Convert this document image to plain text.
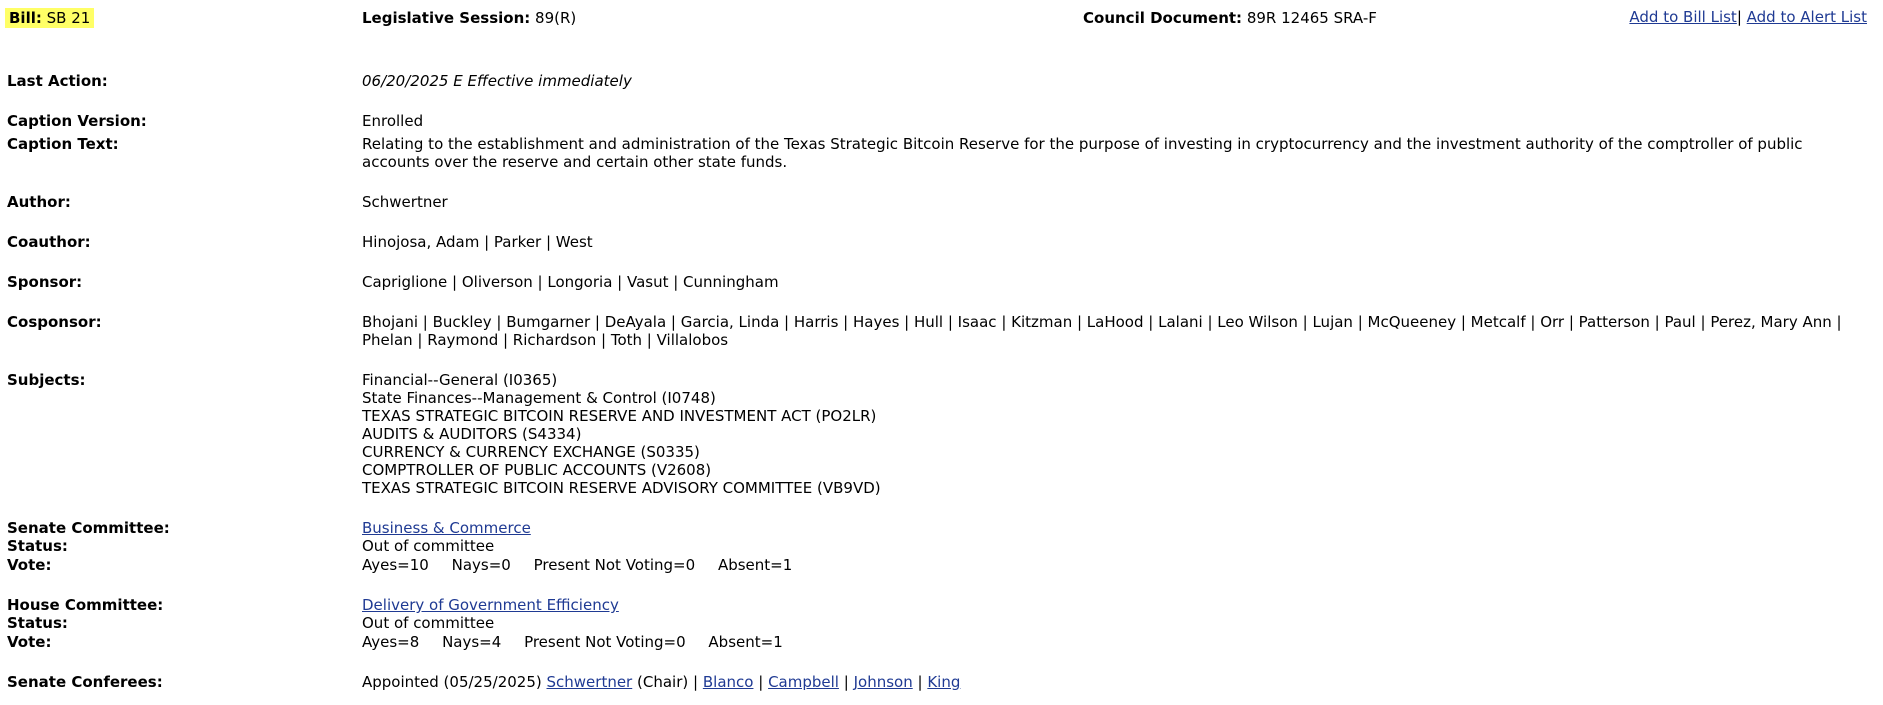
Bill: SB 21	Legislative Session: 89(R)	Council Document: 89R 12465 SRA-F	Add to Bill List| Add to Alert List
Last Action:	06/20/2025 E Effective immediately
Caption Version:	Enrolled
Caption Text:	Relating to the establishment and administration of the Texas Strategic Bitcoin Reserve for the purpose of investing in cryptocurrency and the investment authority of the comptroller of public accounts over the reserve and certain other state funds.
Author:	Schwertner
Coauthor:	Hinojosa, Adam | Parker | West
Sponsor:	Capriglione | Oliverson | Longoria | Vasut | Cunningham
Cosponsor:	Bhojani | Buckley | Bumgarner | DeAyala | Garcia, Linda | Harris | Hayes | Hull | Isaac | Kitzman | LaHood | Lalani | Leo Wilson | Lujan | McQueeney | Metcalf | Orr | Patterson | Paul | Perez, Mary Ann | Phelan | Raymond | Richardson | Toth | Villalobos
Subjects:	Financial--General (I0365)
State Finances--Management & Control (I0748)
TEXAS STRATEGIC BITCOIN RESERVE AND INVESTMENT ACT (PO2LR)
AUDITS & AUDITORS (S4334)
CURRENCY & CURRENCY EXCHANGE (S0335)
COMPTROLLER OF PUBLIC ACCOUNTS (V2608)
TEXAS STRATEGIC BITCOIN RESERVE ADVISORY COMMITTEE (VB9VD)
Senate Committee:	Business & Commerce
Status:	Out of committee
Vote:	Ayes=10 Nays=0 Present Not Voting=0 Absent=1
House Committee:	Delivery of Government Efficiency
Status:	Out of committee
Vote:	Ayes=8 Nays=4 Present Not Voting=0 Absent=1
Senate Conferees:	Appointed (05/25/2025) Schwertner (Chair) | Blanco | Campbell | Johnson | King
